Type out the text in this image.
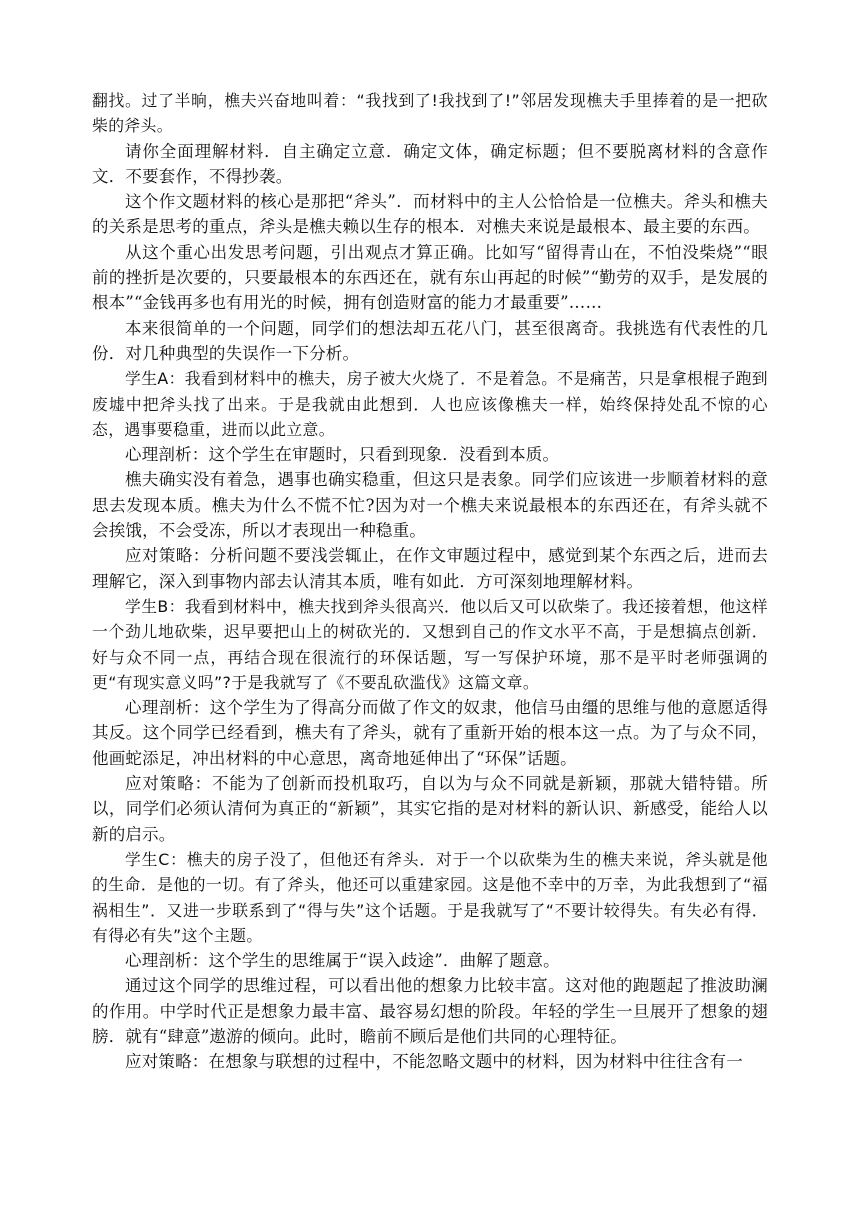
翻找。过了半晌，樵夫兴奋地叫着：“我找到了!我找到了!”邻居发现樵夫手里捧着的是一把砍柴的斧头。

请你全面理解材料．自主确定立意．确定文体，确定标题；但不要脱离材料的含意作文．不要套作，不得抄袭。

这个作文题材料的核心是那把“斧头”．而材料中的主人公恰恰是一位樵夫。斧头和樵夫的关系是思考的重点，斧头是樵夫赖以生存的根本．对樵夫来说是最根本、最主要的东西。

从这个重心出发思考问题，引出观点才算正确。比如写“留得青山在，不怕没柴烧”“眼前的挫折是次要的，只要最根本的东西还在，就有东山再起的时候”“勤劳的双手，是发展的根本”“金钱再多也有用光的时候，拥有创造财富的能力才最重要”……

本来很简单的一个问题，同学们的想法却五花八门，甚至很离奇。我挑选有代表性的几份．对几种典型的失误作一下分析。

学生A：我看到材料中的樵夫，房子被大火烧了．不是着急。不是痛苦，只是拿根棍子跑到废墟中把斧头找了出来。于是我就由此想到．人也应该像樵夫一样，始终保持处乱不惊的心态，遇事要稳重，进而以此立意。

心理剖析：这个学生在审题时，只看到现象．没看到本质。

樵夫确实没有着急，遇事也确实稳重，但这只是表象。同学们应该进一步顺着材料的意思去发现本质。樵夫为什么不慌不忙?因为对一个樵夫来说最根本的东西还在，有斧头就不会挨饿，不会受冻，所以才表现出一种稳重。

应对策略：分析问题不要浅尝辄止，在作文审题过程中，感觉到某个东西之后，进而去理解它，深入到事物内部去认清其本质，唯有如此．方可深刻地理解材料。

学生B：我看到材料中，樵夫找到斧头很高兴．他以后又可以砍柴了。我还接着想，他这样一个劲儿地砍柴，迟早要把山上的树砍光的．又想到自己的作文水平不高，于是想搞点创新．好与众不同一点，再结合现在很流行的环保话题，写一写保护环境，那不是平时老师强调的更“有现实意义吗”?于是我就写了《不要乱砍滥伐》这篇文章。

心理剖析：这个学生为了得高分而做了作文的奴隶，他信马由缰的思维与他的意愿适得其反。这个同学已经看到，樵夫有了斧头，就有了重新开始的根本这一点。为了与众不同，他画蛇添足，冲出材料的中心意思，离奇地延伸出了“环保”话题。

应对策略：不能为了创新而投机取巧，自以为与众不同就是新颖，那就大错特错。所以，同学们必须认清何为真正的“新颖”，其实它指的是对材料的新认识、新感受，能给人以新的启示。

学生C：樵夫的房子没了，但他还有斧头．对于一个以砍柴为生的樵夫来说，斧头就是他的生命．是他的一切。有了斧头，他还可以重建家园。这是他不幸中的万幸，为此我想到了“福祸相生”．又进一步联系到了“得与失”这个话题。于是我就写了“不要计较得失。有失必有得．有得必有失”这个主题。

心理剖析：这个学生的思维属于“误入歧途”．曲解了题意。

通过这个同学的思维过程，可以看出他的想象力比较丰富。这对他的跑题起了推波助澜的作用。中学时代正是想象力最丰富、最容易幻想的阶段。年轻的学生一旦展开了想象的翅膀．就有“肆意”遨游的倾向。此时，瞻前不顾后是他们共同的心理特征。

应对策略：在想象与联想的过程中，不能忽略文题中的材料，因为材料中往往含有一
